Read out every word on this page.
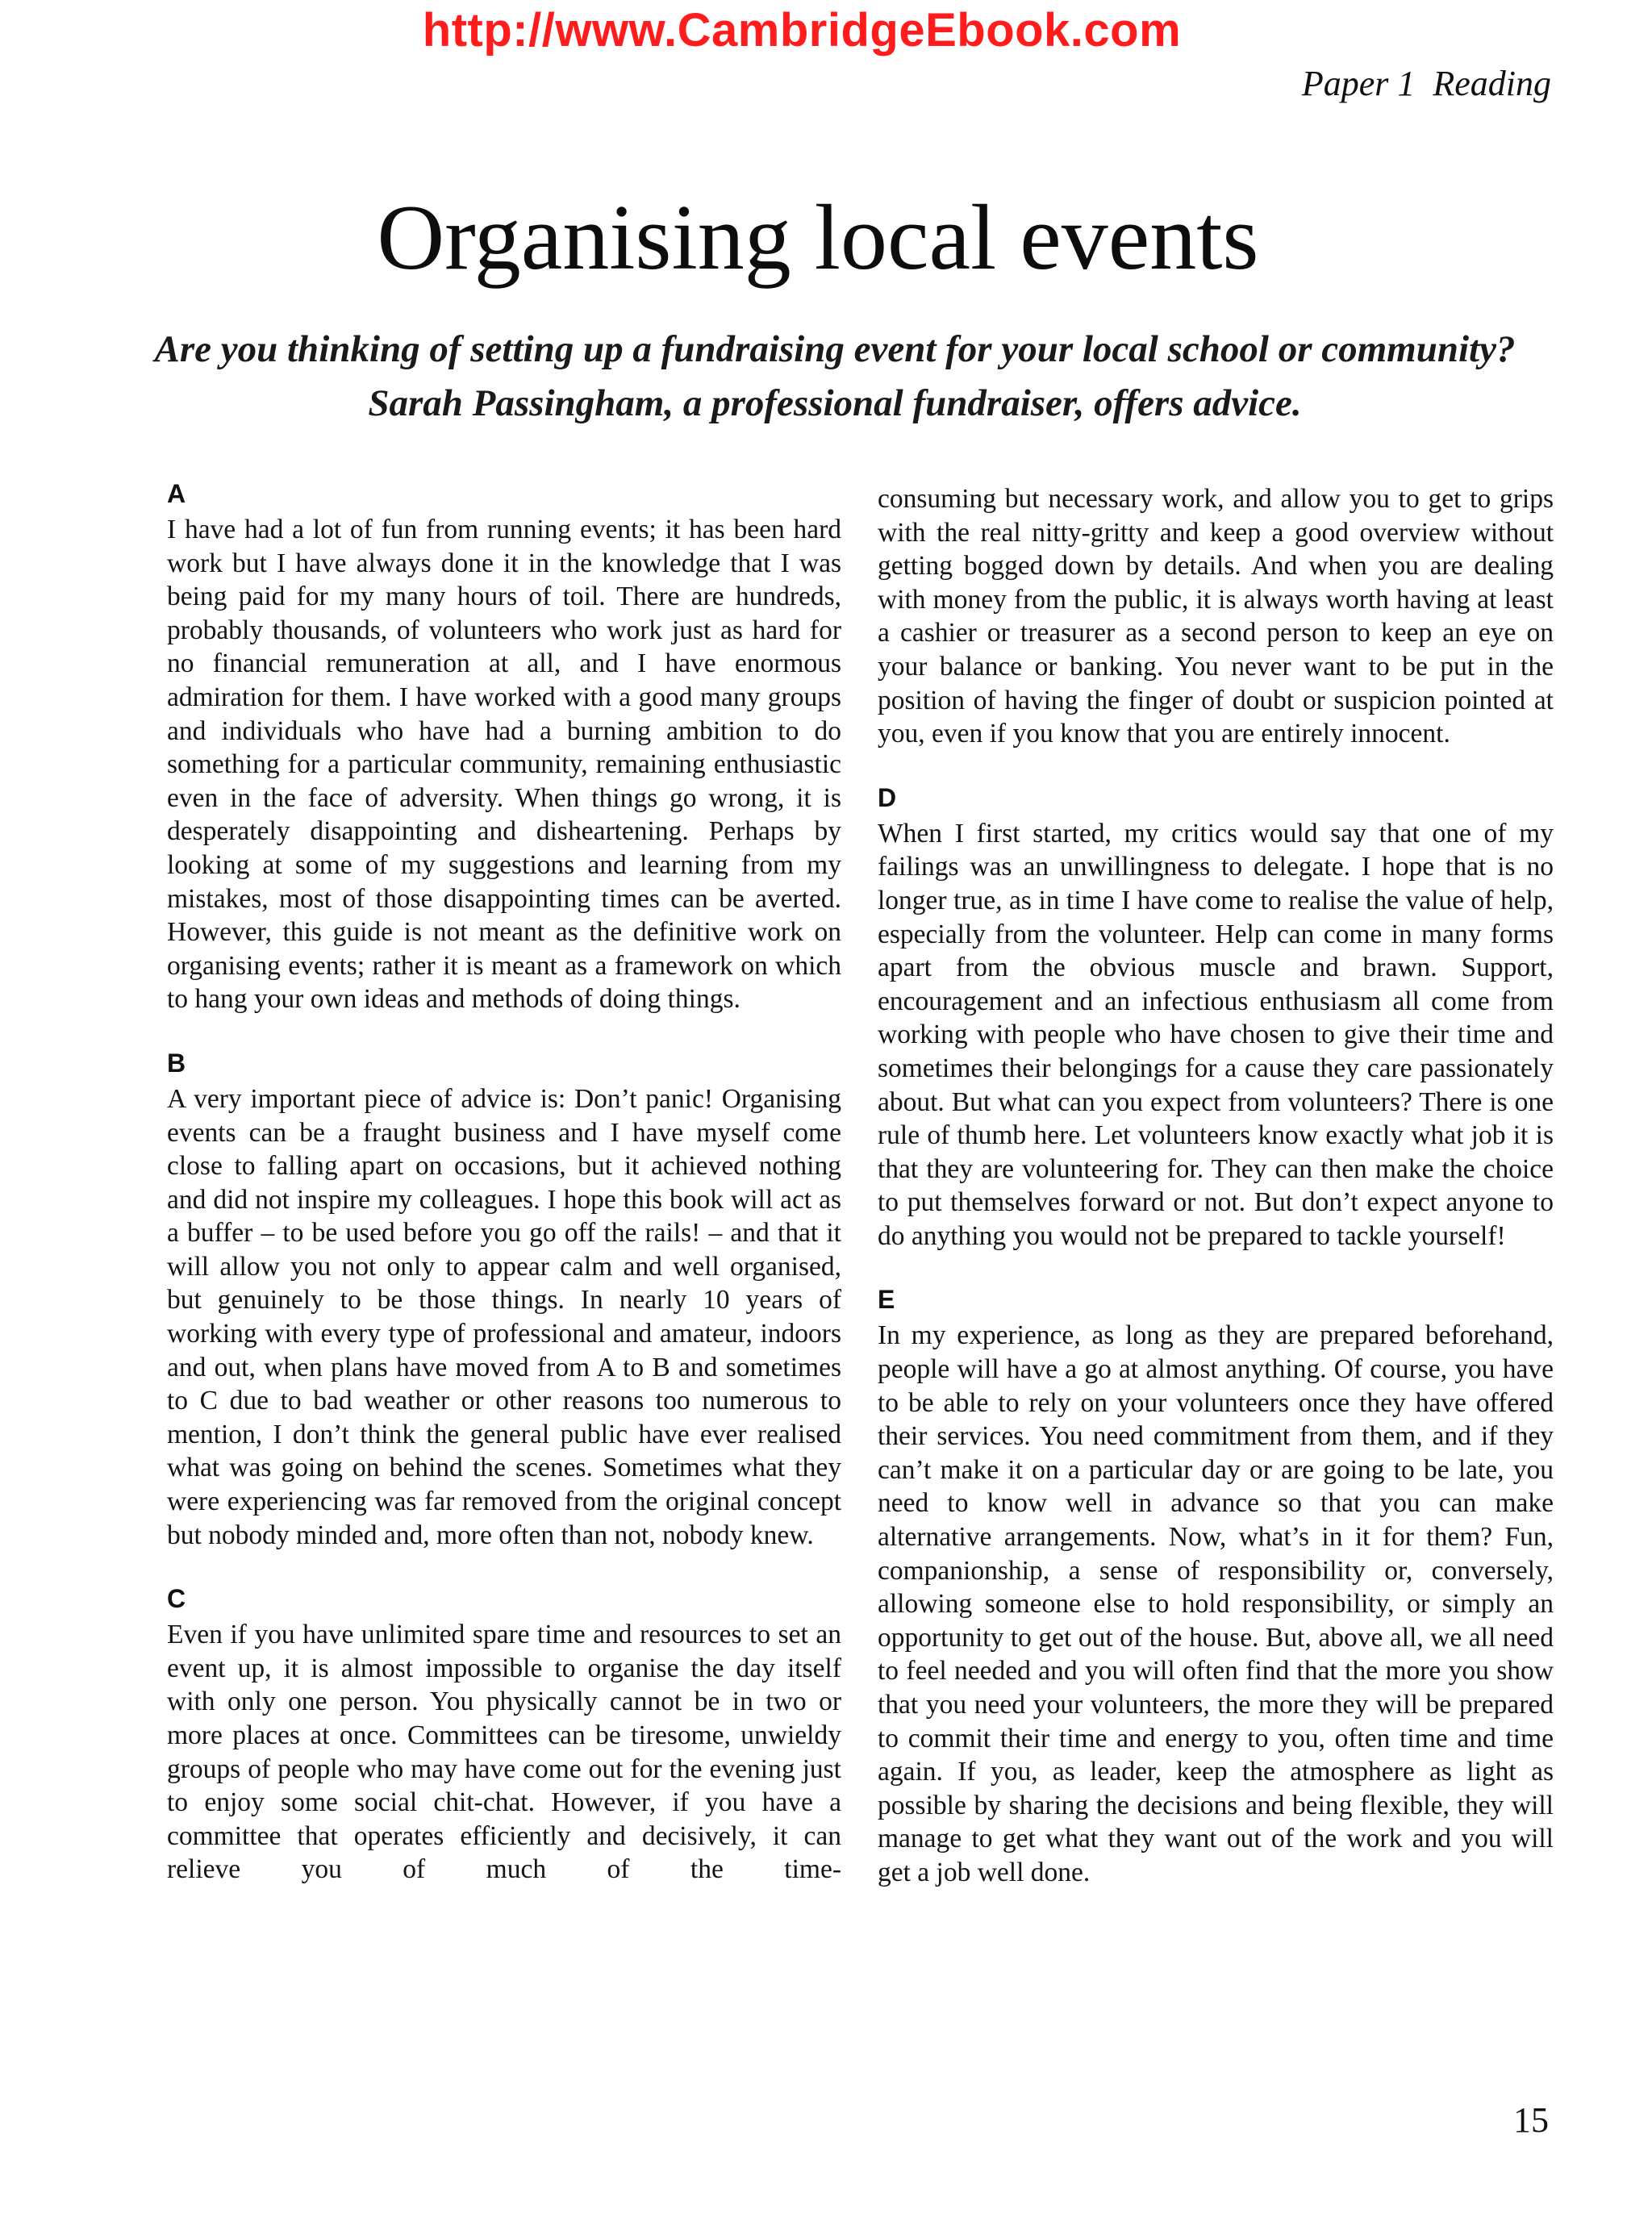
http://www.CambridgeEbook.com
Paper 1  Reading
Organising local events

Are you thinking of setting up a fundraising event for your local school or community?
Sarah Passingham, a professional fundraiser, offers advice.

A

I have had a lot of fun from running events; it has been hard work but I have always done it in the knowledge that I was being paid for my many hours of toil. There are hundreds, probably thousands, of volunteers who work just as hard for no financial remuneration at all, and I have enormous admiration for them. I have worked with a good many groups and individuals who have had a burning ambition to do something for a particular community, remaining enthusiastic even in the face of adversity. When things go wrong, it is desperately disappointing and disheartening. Perhaps by looking at some of my suggestions and learning from my mistakes, most of those disappointing times can be averted. However, this guide is not meant as the definitive work on organising events; rather it is meant as a framework on which to hang your own ideas and methods of doing things.

B

A very important piece of advice is: Don’t panic! Organising events can be a fraught business and I have myself come close to falling apart on occasions, but it achieved nothing and did not inspire my colleagues. I hope this book will act as a buffer – to be used before you go off the rails! – and that it will allow you not only to appear calm and well organised, but genuinely to be those things. In nearly 10 years of working with every type of professional and amateur, indoors and out, when plans have moved from A to B and sometimes to C due to bad weather or other reasons too numerous to mention, I don’t think the general public have ever realised what was going on behind the scenes. Sometimes what they were experiencing was far removed from the original concept but nobody minded and, more often than not, nobody knew.

C

Even if you have unlimited spare time and resources to set an event up, it is almost impossible to organise the day itself with only one person. You physically cannot be in two or more places at once. Committees can be tiresome, unwieldy groups of people who may have come out for the evening just to enjoy some social chit-chat. However, if you have a committee that operates efficiently and decisively, it can relieve you of much of the time-

consuming but necessary work, and allow you to get to grips with the real nitty-gritty and keep a good overview without getting bogged down by details. And when you are dealing with money from the public, it is always worth having at least a cashier or treasurer as a second person to keep an eye on your balance or banking. You never want to be put in the position of having the finger of doubt or suspicion pointed at you, even if you know that you are entirely innocent.

D

When I first started, my critics would say that one of my failings was an unwillingness to delegate. I hope that is no longer true, as in time I have come to realise the value of help, especially from the volunteer. Help can come in many forms apart from the obvious muscle and brawn. Support, encouragement and an infectious enthusiasm all come from working with people who have chosen to give their time and sometimes their belongings for a cause they care passionately about. But what can you expect from volunteers? There is one rule of thumb here. Let volunteers know exactly what job it is that they are volunteering for. They can then make the choice to put themselves forward or not. But don’t expect anyone to do anything you would not be prepared to tackle yourself!

E

In my experience, as long as they are prepared beforehand, people will have a go at almost anything. Of course, you have to be able to rely on your volunteers once they have offered their services. You need commitment from them, and if they can’t make it on a particular day or are going to be late, you need to know well in advance so that you can make alternative arrangements. Now, what’s in it for them? Fun, companionship, a sense of responsibility or, conversely, allowing someone else to hold responsibility, or simply an opportunity to get out of the house. But, above all, we all need to feel needed and you will often find that the more you show that you need your volunteers, the more they will be prepared to commit their time and energy to you, often time and time again. If you, as leader, keep the atmosphere as light as possible by sharing the decisions and being flexible, they will manage to get what they want out of the work and you will get a job well done.

15
